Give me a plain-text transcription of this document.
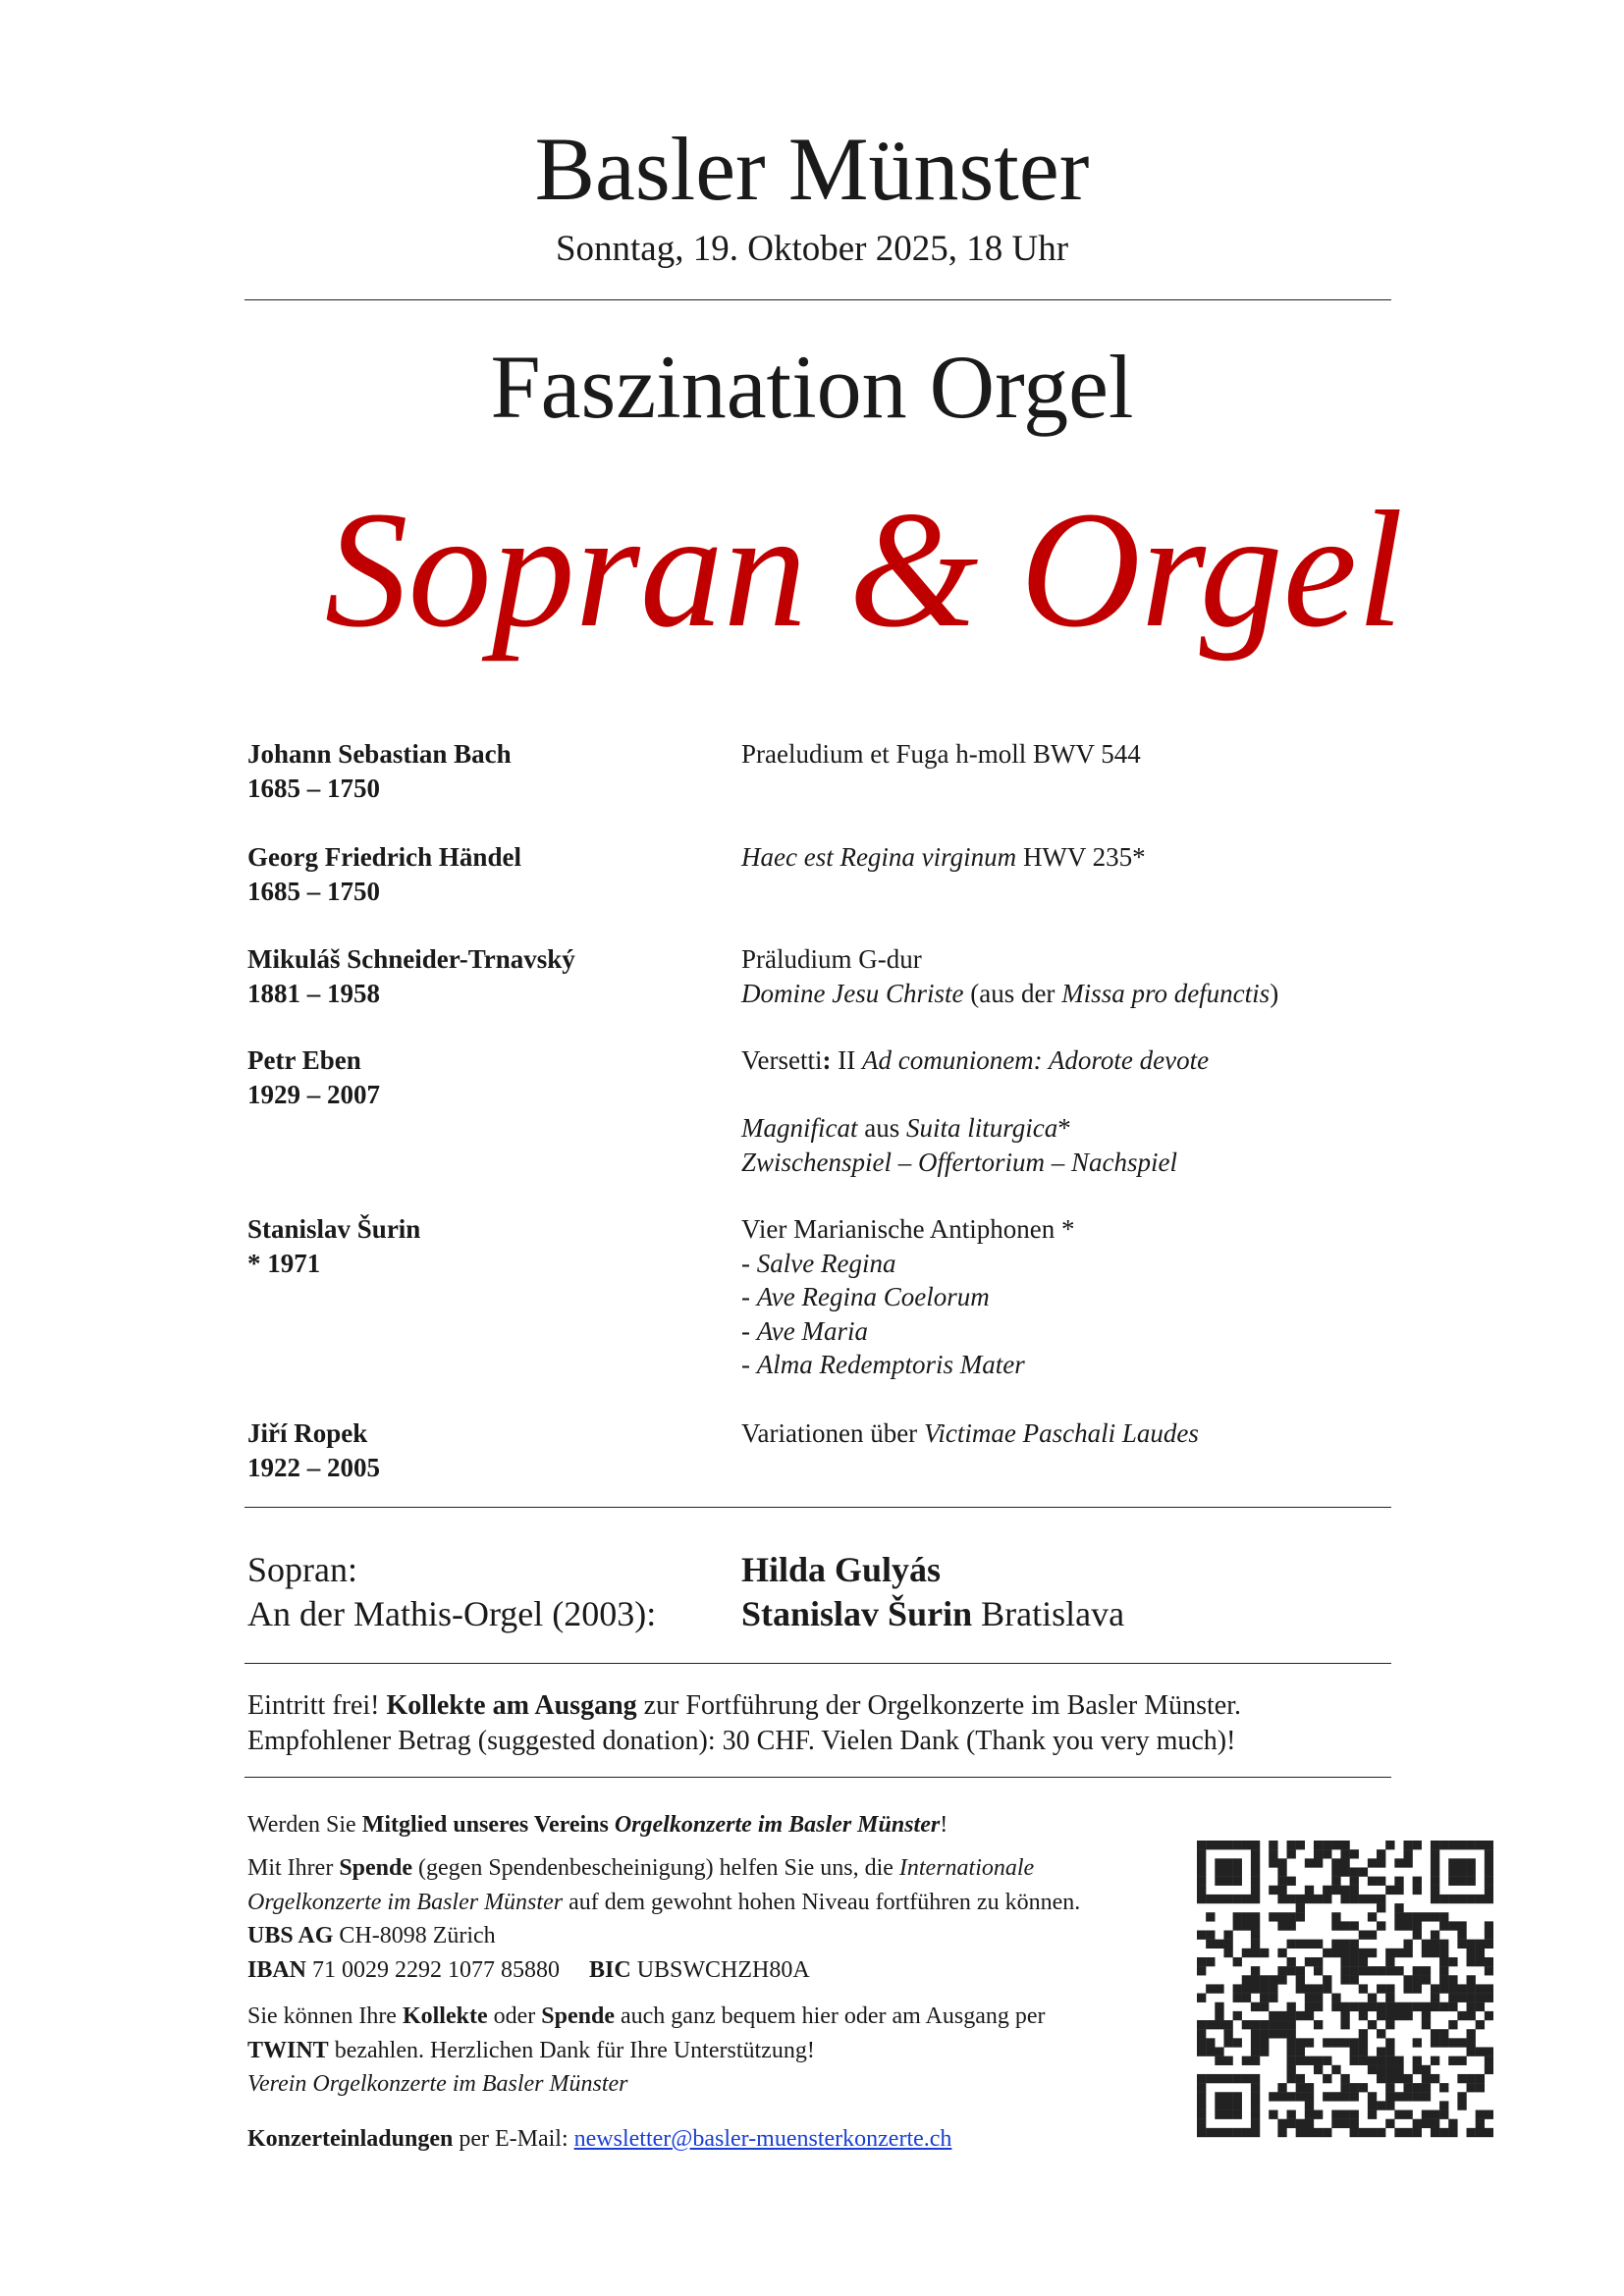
Basler Münster
Sonntag, 19. Oktober 2025, 18 Uhr
Faszination Orgel
Sopran & Orgel
Johann Sebastian Bach
1685 – 1750
Praeludium et Fuga h-moll BWV 544
Georg Friedrich Händel
1685 – 1750
Haec est Regina virginum HWV 235*
Mikuláš Schneider-Trnavský
1881 – 1958
Präludium G-dur
Domine Jesu Christe (aus der Missa pro defunctis)
Petr Eben
1929 – 2007
Versetti: II Ad comunionem: Adorote devote
Magnificat aus Suita liturgica*
Zwischenspiel – Offertorium – Nachspiel
Stanislav Šurin
* 1971
Vier Marianische Antiphonen *
- Salve Regina
- Ave Regina Coelorum
- Ave Maria
- Alma Redemptoris Mater
Jiří Ropek
1922 – 2005
Variationen über Victimae Paschali Laudes
Sopran:	Hilda Gulyás
An der Mathis-Orgel (2003): Stanislav Šurin Bratislava
Eintritt frei! Kollekte am Ausgang zur Fortführung der Orgelkonzerte im Basler Münster.
Empfohlener Betrag (suggested donation): 30 CHF. Vielen Dank (Thank you very much)!
Werden Sie Mitglied unseres Vereins Orgelkonzerte im Basler Münster!
Mit Ihrer Spende (gegen Spendenbescheinigung) helfen Sie uns, die Internationale
Orgelkonzerte im Basler Münster auf dem gewohnt hohen Niveau fortführen zu können.
UBS AG CH-8098 Zürich
IBAN 71 0029 2292 1077 85880     BIC UBSWCHZH80A
Sie können Ihre Kollekte oder Spende auch ganz bequem hier oder am Ausgang per
TWINT bezahlen. Herzlichen Dank für Ihre Unterstützung!
Verein Orgelkonzerte im Basler Münster
Konzerteinladungen per E-Mail: newsletter@basler-muensterkonzerte.ch
